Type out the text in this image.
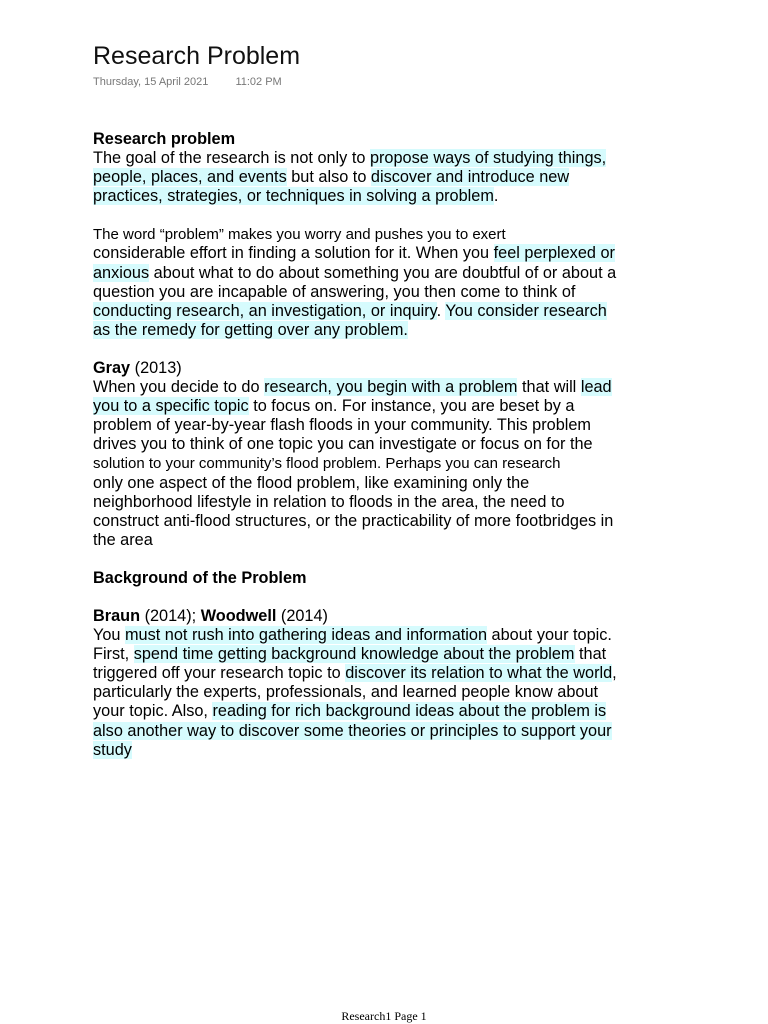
Research Problem
Thursday, 15 April 2021 11:02 PM
Research problem
The goal of the research is not only to propose ways of studying things,
people, places, and events but also to discover and introduce new
practices, strategies, or techniques in solving a problem.
The word “problem” makes you worry and pushes you to exert
considerable effort in finding a solution for it. When you feel perplexed or
anxious about what to do about something you are doubtful of or about a
question you are incapable of answering, you then come to think of
conducting research, an investigation, or inquiry. You consider research
as the remedy for getting over any problem.
Gray (2013)
When you decide to do research, you begin with a problem that will lead
you to a specific topic to focus on. For instance, you are beset by a
problem of year-by-year flash floods in your community. This problem
drives you to think of one topic you can investigate or focus on for the
solution to your community’s flood problem. Perhaps you can research
only one aspect of the flood problem, like examining only the
neighborhood lifestyle in relation to floods in the area, the need to
construct anti-flood structures, or the practicability of more footbridges in
the area
Background of the Problem
Braun (2014); Woodwell (2014)
You must not rush into gathering ideas and information about your topic.
First, spend time getting background knowledge about the problem that
triggered off your research topic to discover its relation to what the world,
particularly the experts, professionals, and learned people know about
your topic. Also, reading for rich background ideas about the problem is
also another way to discover some theories or principles to support your
study
Research1 Page 1
